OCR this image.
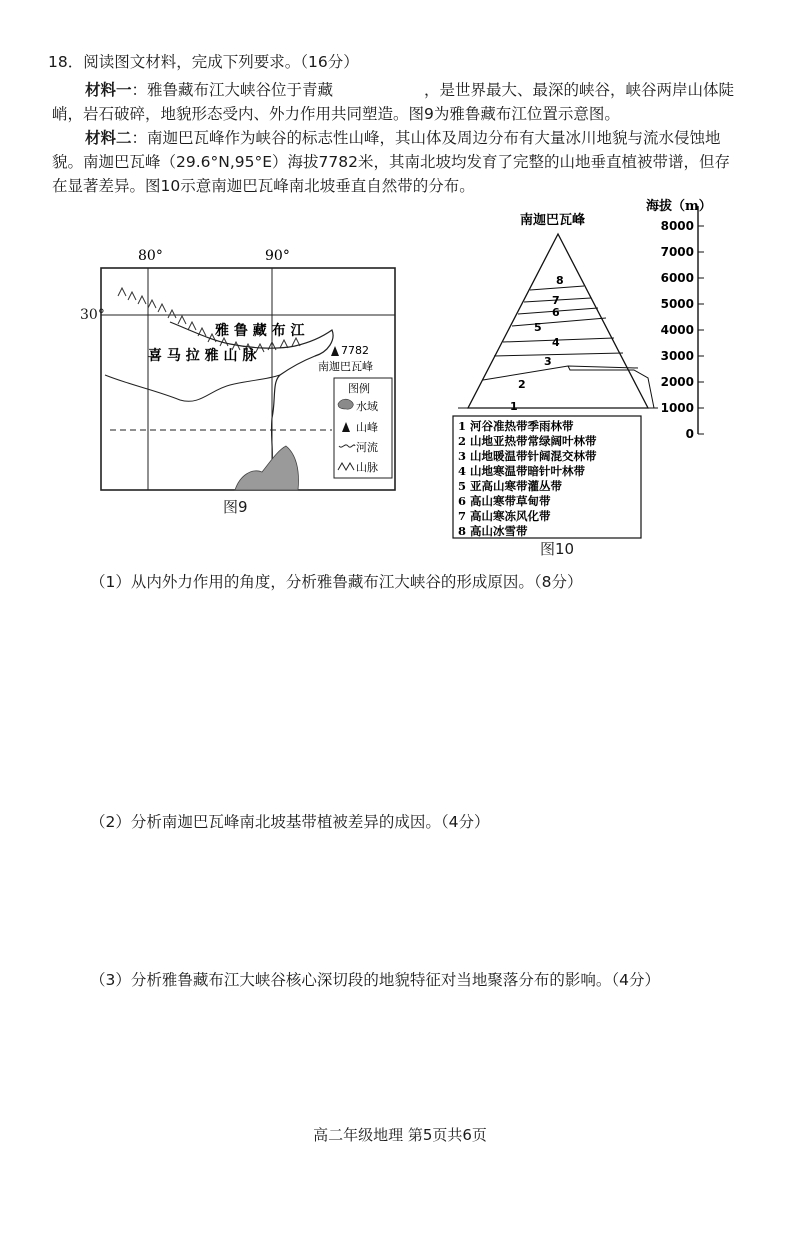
18．阅读图文材料，完成下列要求。（16分）
材料一：雅鲁藏布江大峡谷位于青藏	，是世界最大、最深的峡谷，峡谷两岸山体陡
峭，岩石破碎，地貌形态受内、外力作用共同塑造。图9为雅鲁藏布江位置示意图。
材料二：南迦巴瓦峰作为峡谷的标志性山峰，其山体及周边分布有大量冰川地貌与流水侵蚀地
貌。南迦巴瓦峰（29.6°N,95°E）海拔7782米，其南北坡均发育了完整的山地垂直植被带谱，但存
在显著差异。图10示意南迦巴瓦峰南北坡垂直自然带的分布。
80°	90°
雅 鲁 藏 布 江
喜 马 拉 雅 山 脉	7782
南迦巴瓦峰
图例
水域
山峰
河流
山脉
30°
图9
南迦巴瓦峰
海拔（m）
8000
7000
6000
5000
4000
3000
2000
1000
0
8
7
6
5
4
3
2
1
1 河谷准热带季雨林带
2 山地亚热带常绿阔叶林带
3 山地暖温带针阔混交林带
4 山地寒温带暗针叶林带
5 亚高山寒带灌丛带
6 高山寒带草甸带
7 高山寒冻风化带
8 高山冰雪带
图10
（1）从内外力作用的角度，分析雅鲁藏布江大峡谷的形成原因。（8分）
（2）分析南迦巴瓦峰南北坡基带植被差异的成因。（4分）
（3）分析雅鲁藏布江大峡谷核心深切段的地貌特征对当地聚落分布的影响。（4分）
高二年级地理 第5页共6页
